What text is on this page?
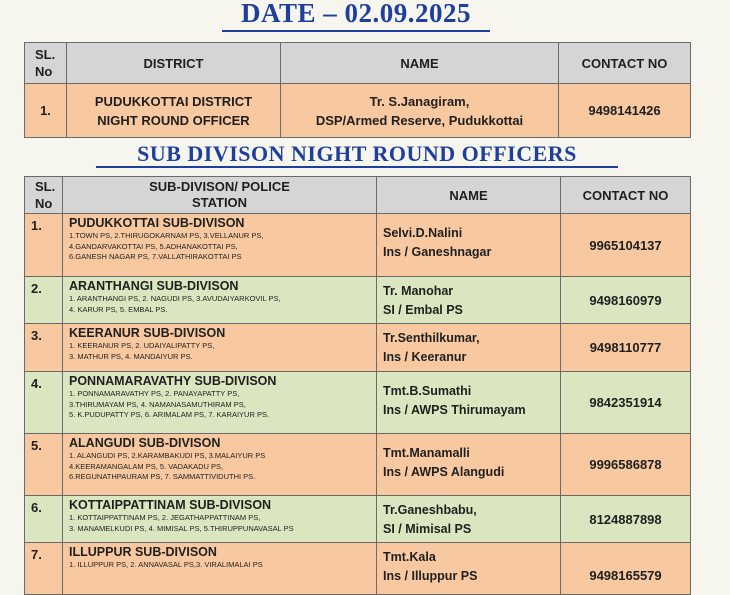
DATE – 02.09.2025
SL. No	DISTRICT	NAME	CONTACT NO
1.	PUDUKKOTTAI DISTRICT NIGHT ROUND OFFICER	Tr. S.Janagiram,
DSP/Armed Reserve, Pudukkottai	9498141426
SUB DIVISON NIGHT ROUND OFFICERS
SL. No	SUB-DIVISON/ POLICE STATION	NAME	CONTACT NO
1.	PUDUKKOTTAI SUB-DIVISON
1.TOWN PS, 2.THIRUGOKARNAM PS, 3.VELLANUR PS,
4.GANDARVAKOTTAI PS, 5.ADHANAKOTTAI PS,
6.GANESH NAGAR PS, 7.VALLATHIRAKOTTAI PS	Selvi.D.Nalini
Ins / Ganeshnagar	9965104137
2.	ARANTHANGI SUB-DIVISON
1. ARANTHANGI PS, 2. NAGUDI PS, 3.AVUDAIYARKOVIL PS,
4. KARUR PS, 5. EMBAL PS.	Tr. Manohar
SI / Embal PS	9498160979
3.	KEERANUR SUB-DIVISON
1. KEERANUR PS, 2. UDAIYALIPATTY PS,
3. MATHUR PS, 4. MANDAIYUR PS.	Tr.Senthilkumar,
Ins / Keeranur	9498110777
4.	PONNAMARAVATHY SUB-DIVISON
1. PONNAMARAVATHY PS, 2. PANAYAPATTY PS,
3.THIRUMAYAM PS, 4. NAMANASAMUTHIRAM PS,
5. K.PUDUPATTY PS, 6. ARIMALAM PS, 7. KARAIYUR PS.	Tmt.B.Sumathi
Ins / AWPS Thirumayam	9842351914
5.	ALANGUDI SUB-DIVISON
1. ALANGUDI PS, 2.KARAMBAKUDI PS, 3.MALAIYUR PS
4.KEERAMANGALAM PS, 5. VADAKADU PS,
6.REGUNATHPAURAM PS, 7. SAMMATTIVIDUTHI PS.	Tmt.Manamalli
Ins / AWPS Alangudi	9996586878
6.	KOTTAIPPATTINAM SUB-DIVISON
1. KOTTAIPPATTINAM PS, 2. JEGATHAPPATTINAM PS,
3. MANAMELKUDI PS, 4. MIMISAL PS, 5.THIRUPPUNAVASAL PS	Tr.Ganeshbabu,
SI / Mimisal PS	8124887898
7.	ILLUPPUR SUB-DIVISON
1. ILLUPPUR PS, 2. ANNAVASAL PS,3. VIRALIMALAI PS	Tmt.Kala
Ins / Illuppur PS	9498165579
